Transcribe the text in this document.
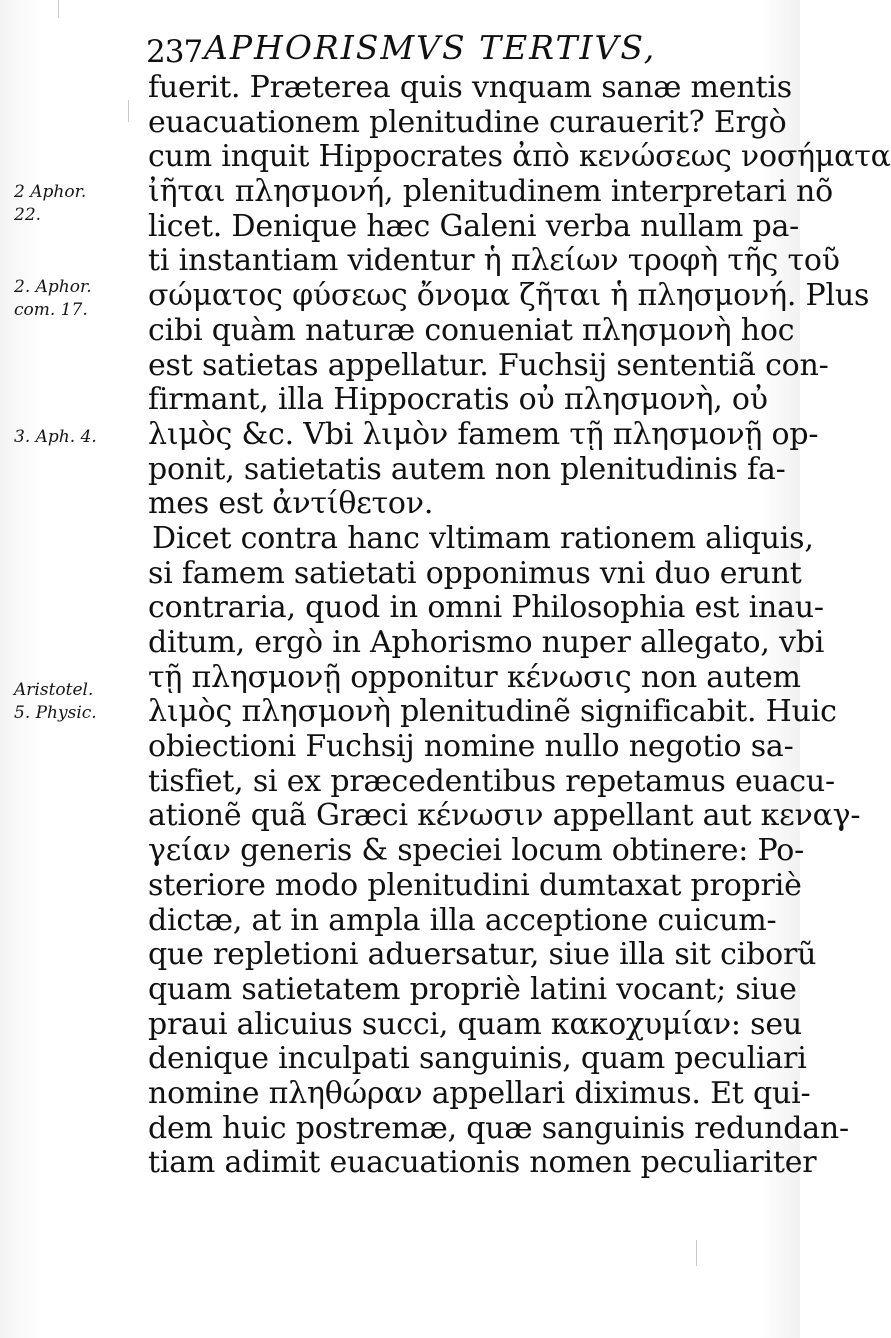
237 APHORISMVS TERTIVS,
2 Aphor.
22.
2. Aphor.
com. 17.
3. Aph. 4.
Aristotel.
5. Physic.
fuerit. Præterea quis vnquam sanæ mentis
euacuationem plenitudine curauerit? Ergò
cum inquit Hippocrates ἀπὸ κενώσεως νοσήματα
ἰῆται πλησμονή, plenitudinem interpretari nõ
licet. Denique hæc Galeni verba nullam pa-
ti instantiam videntur ἡ πλείων τροφὴ τῆς τοῦ
σώματος φύσεως ὄνομα ζῆται ἡ πλησμονή. Plus
cibi quàm naturæ conueniat πλησμονὴ hoc
est satietas appellatur. Fuchsij sententiã con-
firmant, illa Hippocratis οὐ πλησμονὴ, οὐ
λιμὸς &c. Vbi λιμὸν famem τῇ πλησμονῇ op-
ponit, satietatis autem non plenitudinis fa-
mes est ἀντίθετον.
Dicet contra hanc vltimam rationem aliquis,
si famem satietati opponimus vni duo erunt
contraria, quod in omni Philosophia est inau-
ditum, ergò in Aphorismo nuper allegato, vbi
τῇ πλησμονῇ opponitur κένωσις non autem
λιμὸς πλησμονὴ plenitudinẽ significabit. Huic
obiectioni Fuchsij nomine nullo negotio sa-
tisfiet, si ex præcedentibus repetamus euacu-
ationẽ quã Græci κένωσιν appellant aut κεναγ-
γείαν generis & speciei locum obtinere: Po-
steriore modo plenitudini dumtaxat propriè
dictæ, at in ampla illa acceptione cuicum-
que repletioni aduersatur, siue illa sit ciborũ
quam satietatem propriè latini vocant; siue
praui alicuius succi, quam κακοχυμίαν: seu
denique inculpati sanguinis, quam peculiari
nomine πληθώραν appellari diximus. Et qui-
dem huic postremæ, quæ sanguinis redundan-
tiam adimit euacuationis nomen peculiariter
